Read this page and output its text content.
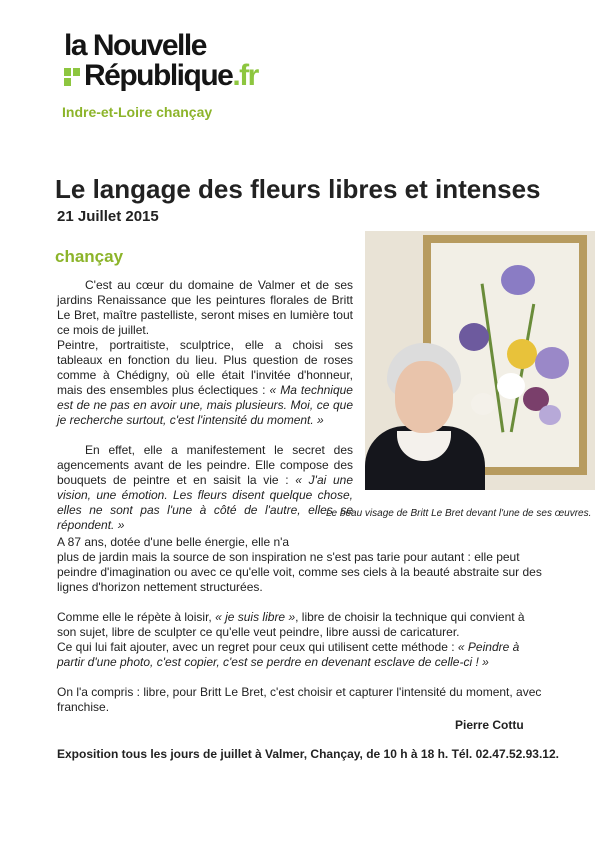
la Nouvelle
République.fr
Indre-et-Loire chançay
Le langage des fleurs libres et intenses
21 Juillet 2015
chançay

C'est au cœur du domaine de Valmer et de ses jardins Renaissance que les peintures florales de Britt Le Bret, maître pastelliste, seront mises en lumière tout ce mois de juillet.

Peintre, portraitiste, sculptrice, elle a choisi ses tableaux en fonction du lieu. Plus question de roses comme à Chédigny, où elle était l'invitée d'honneur, mais des ensembles plus éclectiques : « Ma technique est de ne pas en avoir une, mais plusieurs. Moi, ce que je recherche surtout, c'est l'intensité du moment. »

En effet, elle a manifestement le secret des agencements avant de les peindre. Elle compose des bouquets de peintre et en saisit la vie : « J'ai une vision, une émotion. Les fleurs disent quelque chose, elles ne sont pas l'une à côté de l'autre, elles se répondent. »

Le beau visage de Britt Le Bret devant l'une de ses œuvres.

A 87 ans, dotée d'une belle énergie, elle n'a

plus de jardin mais la source de son inspiration ne s'est pas tarie pour autant : elle peut peindre d'imagination ou avec ce qu'elle voit, comme ses ciels à la beauté abstraite sur des lignes d'horizon nettement structurées.

Comme elle le répète à loisir, « je suis libre », libre de choisir la technique qui convient à son sujet, libre de sculpter ce qu'elle veut peindre, libre aussi de caricaturer.

Ce qui lui fait ajouter, avec un regret pour ceux qui utilisent cette méthode : « Peindre à partir d'une photo, c'est copier, c'est se perdre en devenant esclave de celle-ci ! »

On l'a compris : libre, pour Britt Le Bret, c'est choisir et capturer l'intensité du moment, avec franchise.

Pierre Cottu
Exposition tous les jours de juillet à Valmer, Chançay, de 10 h à 18 h. Tél. 02.47.52.93.12.
